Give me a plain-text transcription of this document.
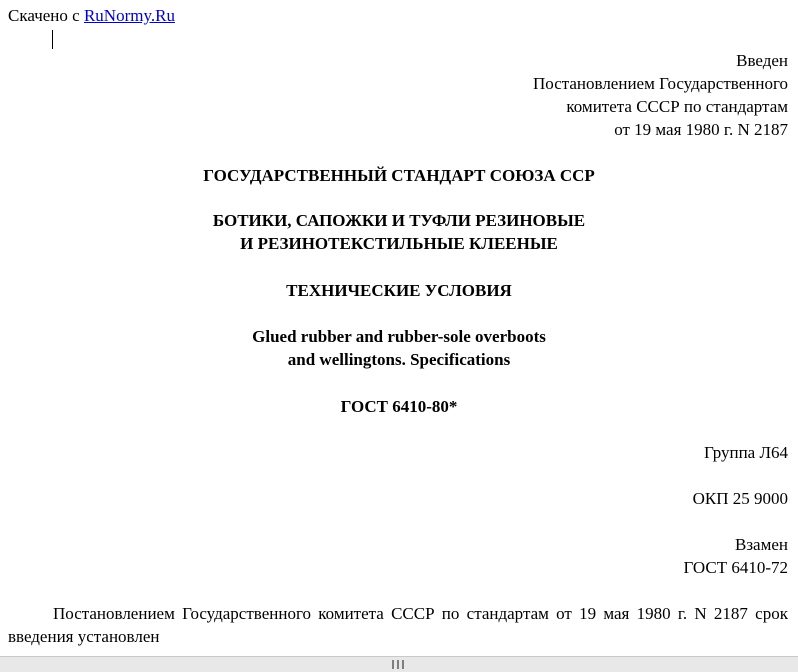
Скачено с RuNormy.Ru
Введен
Постановлением Государственного
комитета СССР по стандартам
от 19 мая 1980 г. N 2187
ГОСУДАРСТВЕННЫЙ СТАНДАРТ СОЮЗА ССР
БОТИКИ, САПОЖКИ И ТУФЛИ РЕЗИНОВЫЕ
И РЕЗИНОТЕКСТИЛЬНЫЕ КЛЕЕНЫЕ
ТЕХНИЧЕСКИЕ УСЛОВИЯ
Glued rubber and rubber-sole overboots
and wellingtons. Specifications
ГОСТ 6410-80*
Группа Л64
ОКП 25 9000
Взамен
ГОСТ 6410-72
Постановлением Государственного комитета СССР по стандартам от 19 мая 1980 г. N 2187 срок введения установлен
